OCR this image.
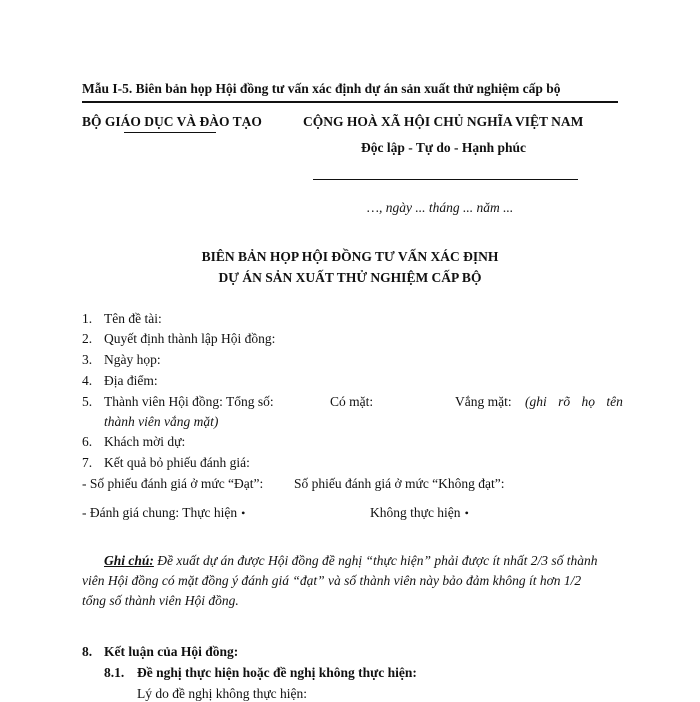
Mẫu I-5. Biên bản họp Hội đồng tư vấn xác định dự án sản xuất thử nghiệm cấp bộ
BỘ GIÁO DỤC VÀ ĐÀO TẠO	CỘNG HOÀ XÃ HỘI CHỦ NGHĨA VIỆT NAM
Độc lập - Tự do - Hạnh phúc
…, ngày ... tháng ... năm ...
BIÊN BẢN HỌP HỘI ĐỒNG TƯ VẤN XÁC ĐỊNH
DỰ ÁN SẢN XUẤT THỬ NGHIỆM CẤP BỘ
1. Tên đề tài:
2. Quyết định thành lập Hội đồng:
3. Ngày họp:
4. Địa điểm:
5. Thành viên Hội đồng: Tổng số:	Có mặt:	Vắng mặt: (ghi rõ họ tên
thành viên vắng mặt)
6. Khách mời dự:
7. Kết quả bỏ phiếu đánh giá:
- Số phiếu đánh giá ở mức “Đạt”: Số phiếu đánh giá ở mức “Không đạt”:
- Đánh giá chung: Thực hiện •	Không thực hiện •
Ghi chú: Đề xuất dự án được Hội đồng đề nghị “thực hiện” phải được ít nhất 2/3 số thành
viên Hội đồng có mặt đồng ý đánh giá “đạt” và số thành viên này bảo đảm không ít hơn 1/2
tổng số thành viên Hội đồng.
8. Kết luận của Hội đồng:
8.1. Đề nghị thực hiện hoặc đề nghị không thực hiện:
Lý do đề nghị không thực hiện:
